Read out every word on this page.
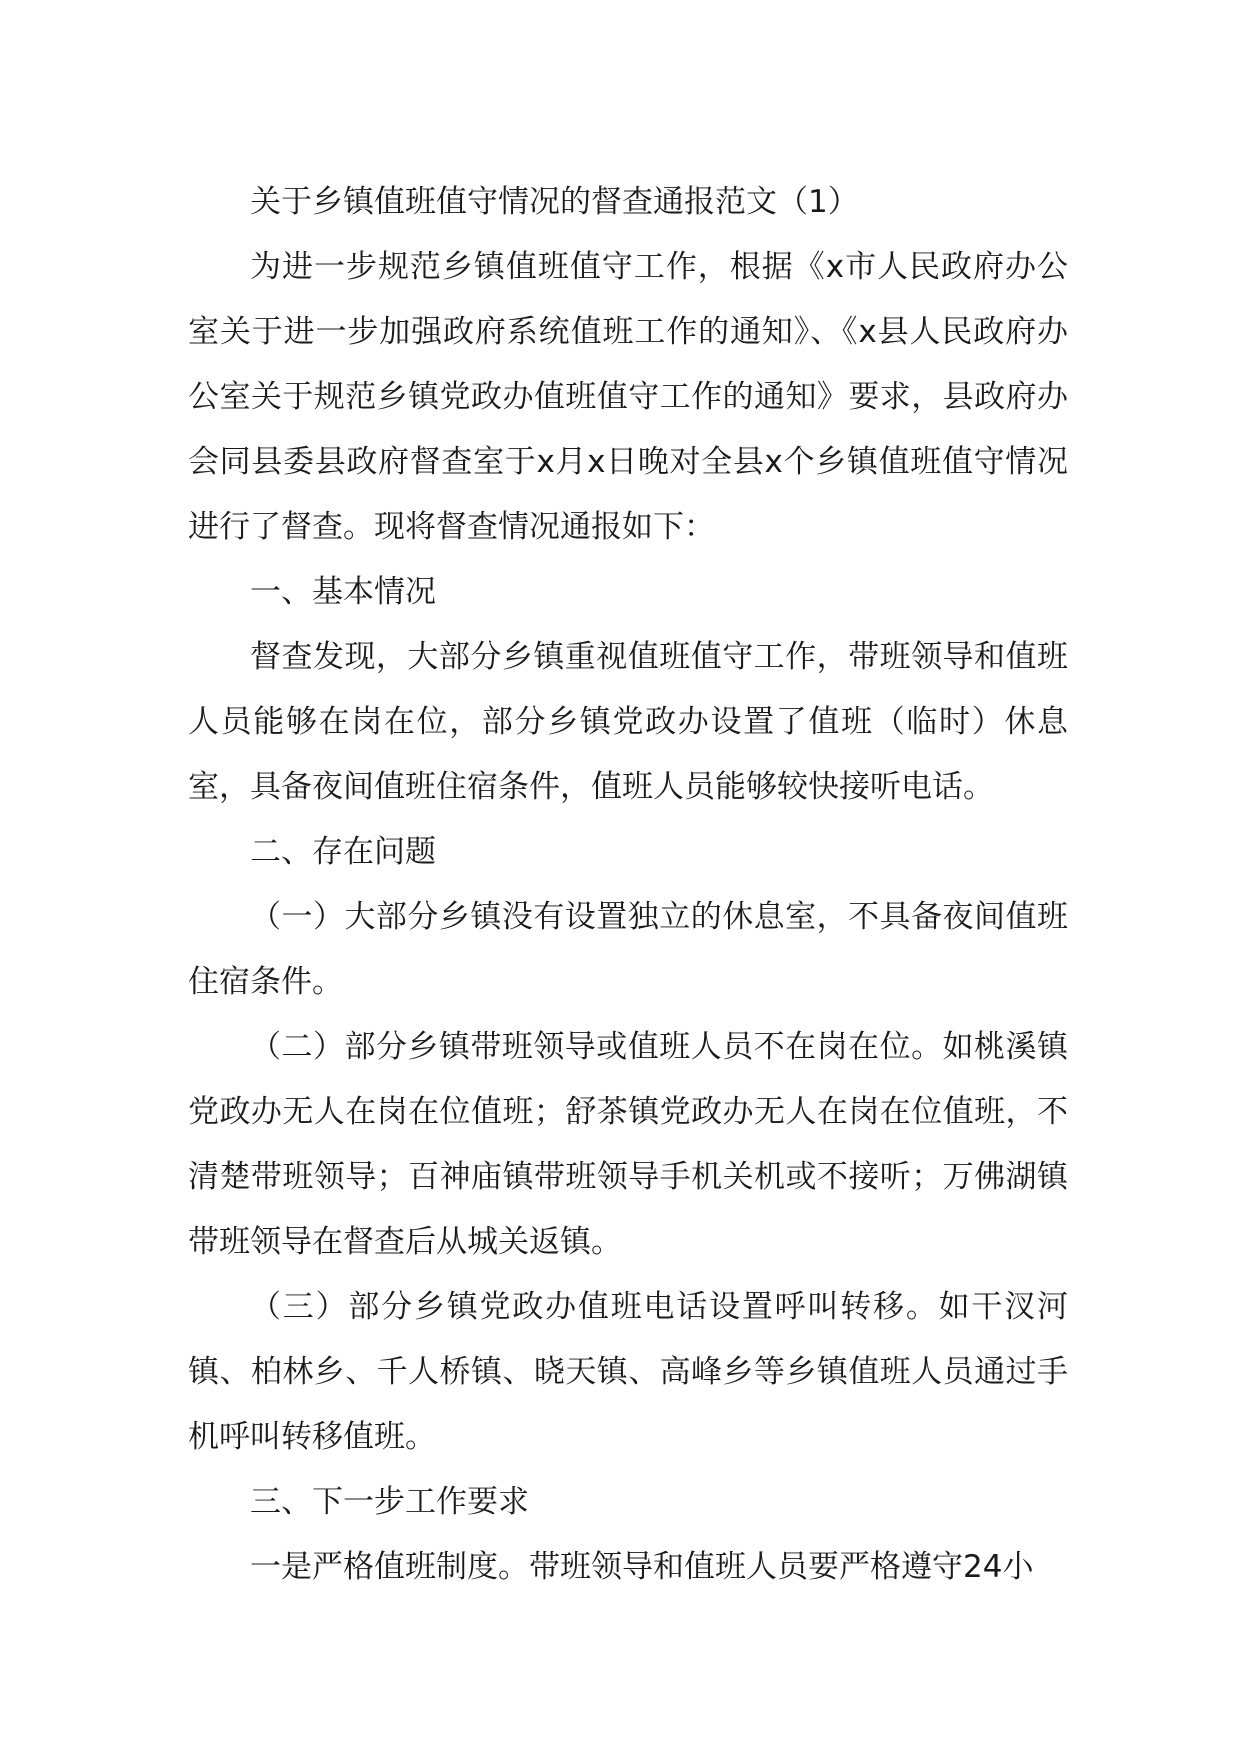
关于乡镇值班值守情况的督查通报范文（1）

为进一步规范乡镇值班值守工作，根据《x市人民政府办公室关于进一步加强政府系统值班工作的通知》、《x县人民政府办公室关于规范乡镇党政办值班值守工作的通知》要求，县政府办会同县委县政府督查室于x月x日晚对全县x个乡镇值班值守情况进行了督查。现将督查情况通报如下：

一、基本情况

督查发现，大部分乡镇重视值班值守工作，带班领导和值班人员能够在岗在位，部分乡镇党政办设置了值班（临时）休息室，具备夜间值班住宿条件，值班人员能够较快接听电话。

二、存在问题

（一）大部分乡镇没有设置独立的休息室，不具备夜间值班住宿条件。

（二）部分乡镇带班领导或值班人员不在岗在位。如桃溪镇党政办无人在岗在位值班；舒茶镇党政办无人在岗在位值班，不清楚带班领导；百神庙镇带班领导手机关机或不接听；万佛湖镇带班领导在督查后从城关返镇。

（三）部分乡镇党政办值班电话设置呼叫转移。如干汊河镇、柏林乡、千人桥镇、晓天镇、高峰乡等乡镇值班人员通过手机呼叫转移值班。

三、下一步工作要求

一是严格值班制度。带班领导和值班人员要严格遵守24小
